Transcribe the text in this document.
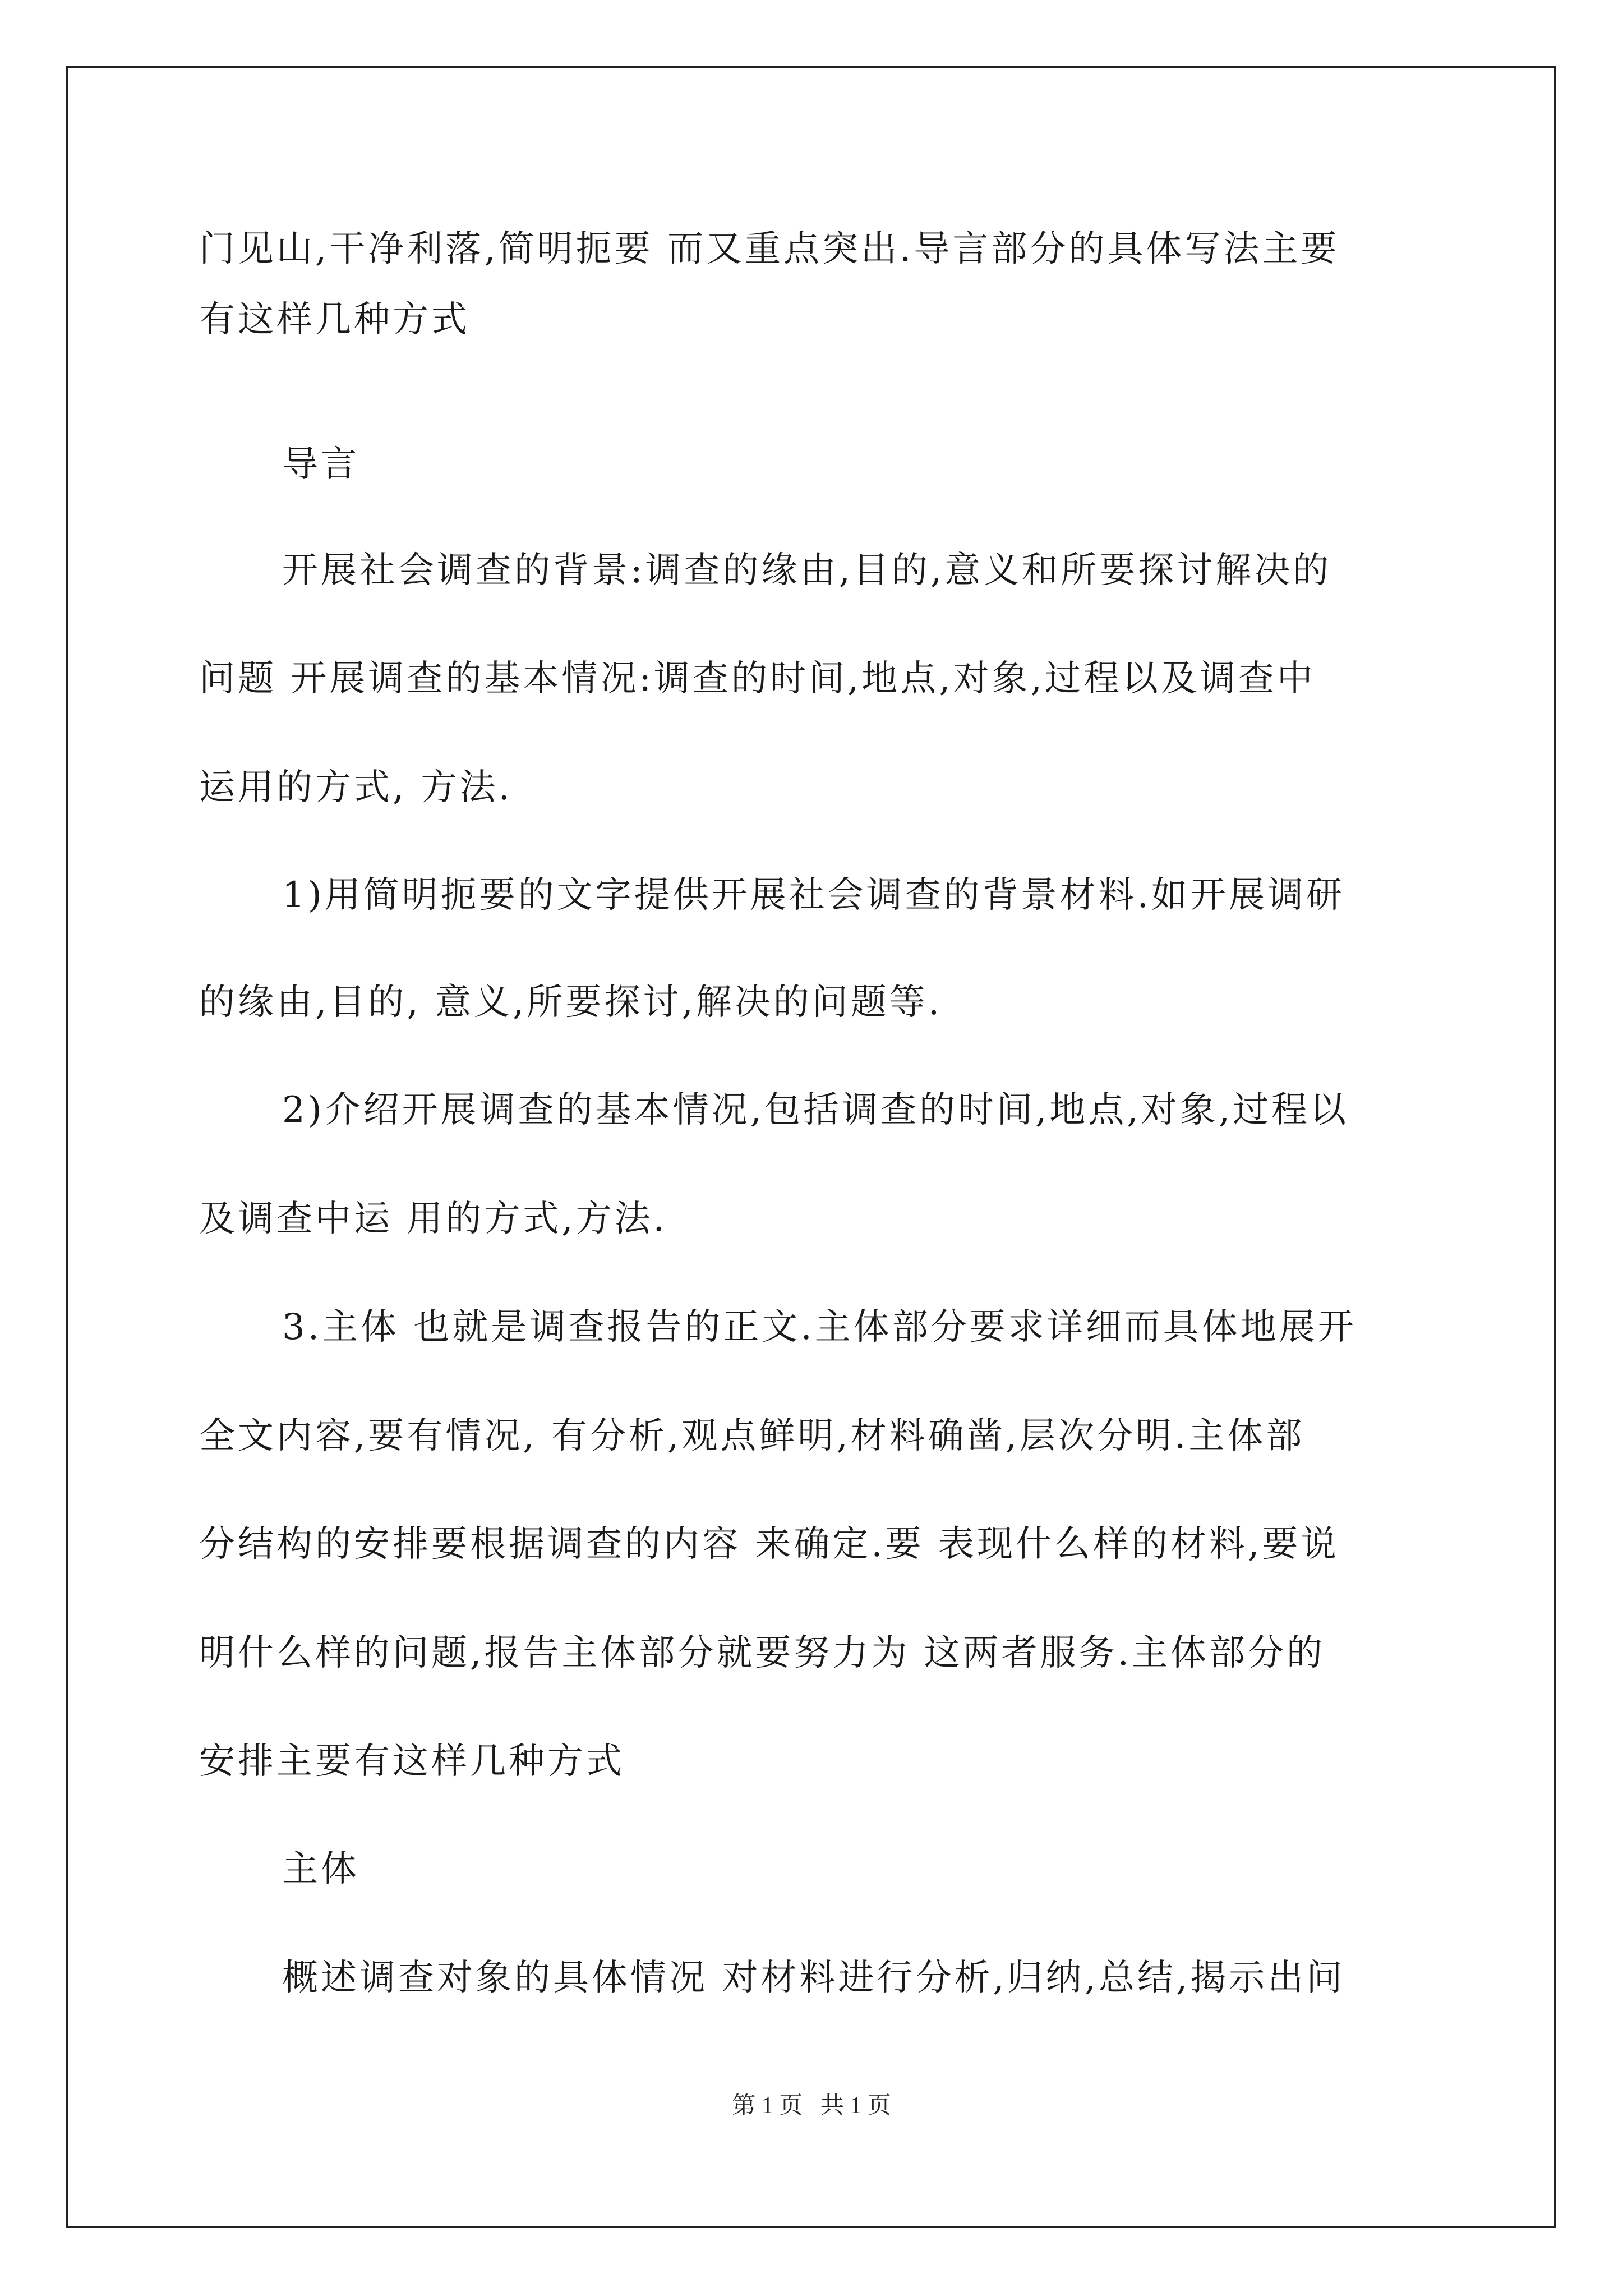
门见山,干净利落,简明扼要 而又重点突出.导言部分的具体写法主要
有这样几种方式
导言
开展社会调查的背景:调查的缘由,目的,意义和所要探讨解决的
问题 开展调查的基本情况:调查的时间,地点,对象,过程以及调查中
运用的方式, 方法.
1)用简明扼要的文字提供开展社会调查的背景材料.如开展调研
的缘由,目的, 意义,所要探讨,解决的问题等.
2)介绍开展调查的基本情况,包括调查的时间,地点,对象,过程以
及调查中运 用的方式,方法.
3.主体 也就是调查报告的正文.主体部分要求详细而具体地展开
全文内容,要有情况, 有分析,观点鲜明,材料确凿,层次分明.主体部
分结构的安排要根据调查的内容 来确定.要 表现什么样的材料,要说
明什么样的问题,报告主体部分就要努力为 这两者服务.主体部分的
安排主要有这样几种方式
主体
概述调查对象的具体情况 对材料进行分析,归纳,总结,揭示出问
第 1 页   共 1 页
